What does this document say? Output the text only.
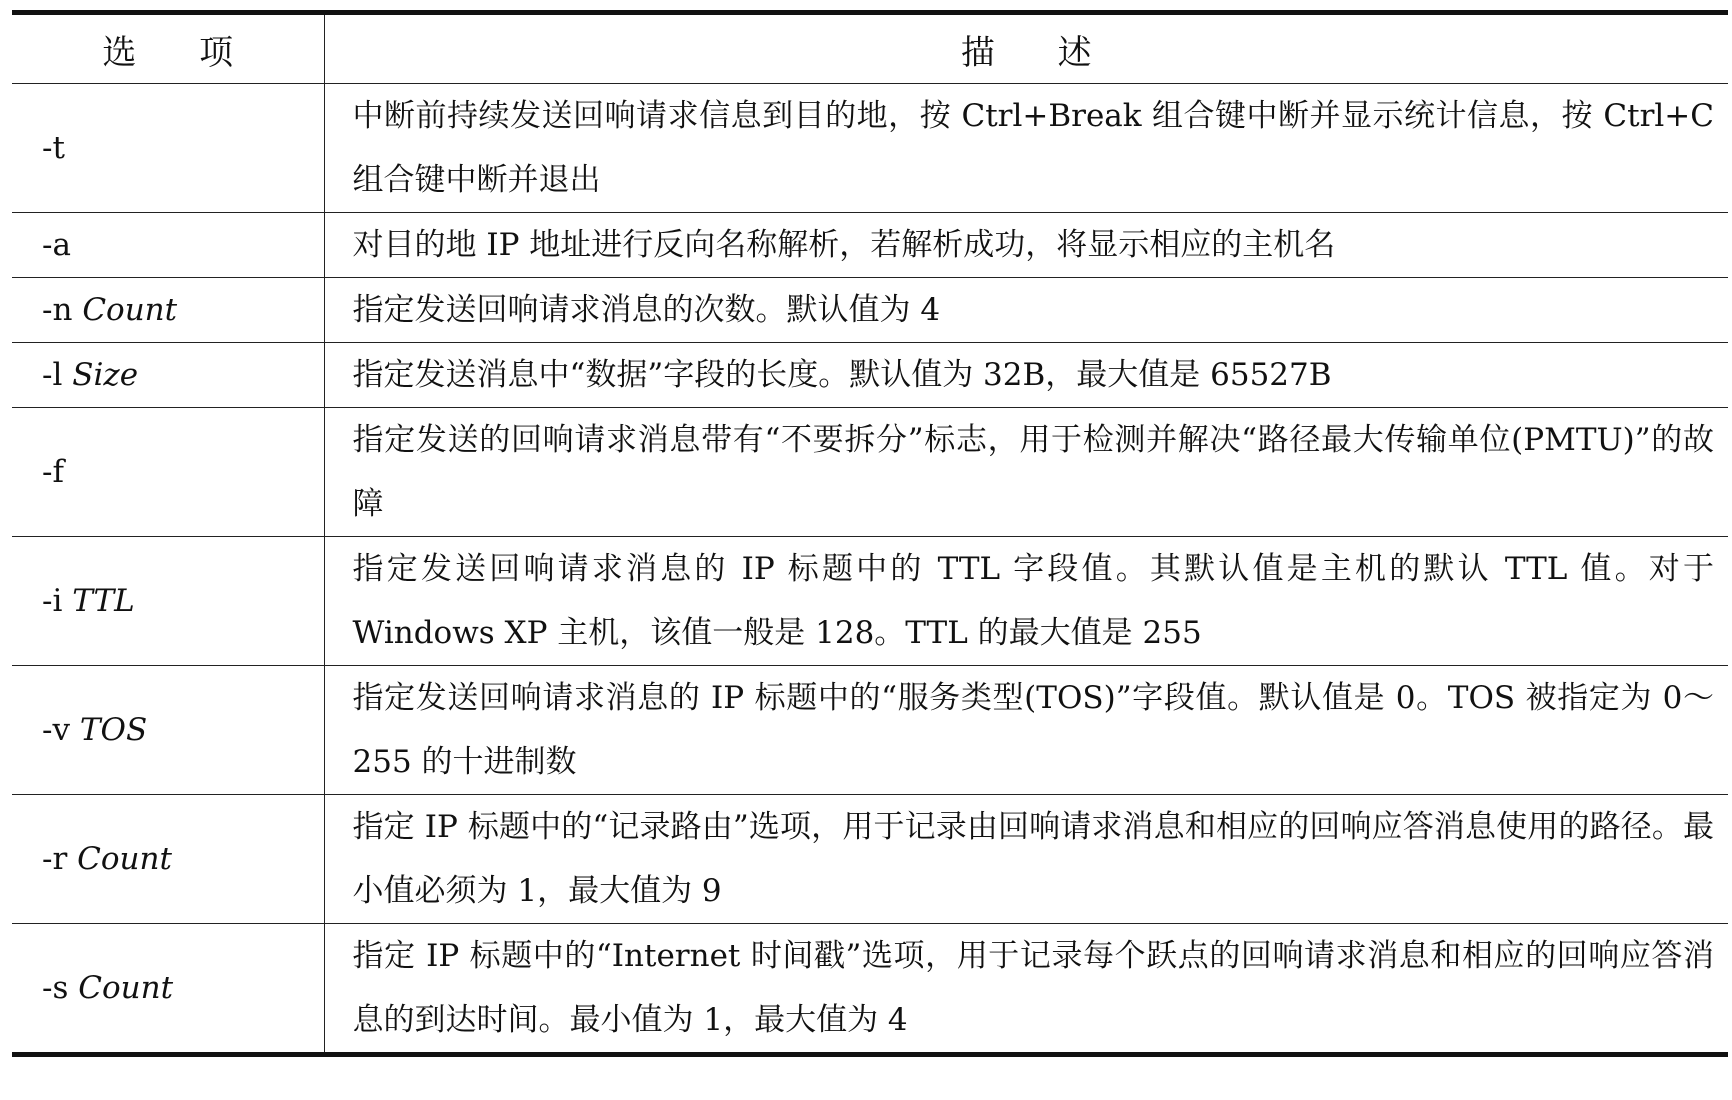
选 项	描 述
-t	中断前持续发送回响请求信息到目的地，按 Ctrl+Break 组合键中断并显示统计信息，按 Ctrl+C 组合键中断并退出
-a	对目的地 IP 地址进行反向名称解析，若解析成功，将显示相应的主机名
-n Count	指定发送回响请求消息的次数。默认值为 4
-l Size	指定发送消息中“数据”字段的长度。默认值为 32B，最大值是 65527B
-f	指定发送的回响请求消息带有“不要拆分”标志，用于检测并解决“路径最大传输单位(PMTU)”的故障
-i TTL	指定发送回响请求消息的 IP 标题中的 TTL 字段值。其默认值是主机的默认 TTL 值。对于 Windows XP 主机，该值一般是 128。TTL 的最大值是 255
-v TOS	指定发送回响请求消息的 IP 标题中的“服务类型(TOS)”字段值。默认值是 0。TOS 被指定为 0～255 的十进制数
-r Count	指定 IP 标题中的“记录路由”选项，用于记录由回响请求消息和相应的回响应答消息使用的路径。最小值必须为 1，最大值为 9
-s Count	指定 IP 标题中的“Internet 时间戳”选项，用于记录每个跃点的回响请求消息和相应的回响应答消息的到达时间。最小值为 1，最大值为 4
